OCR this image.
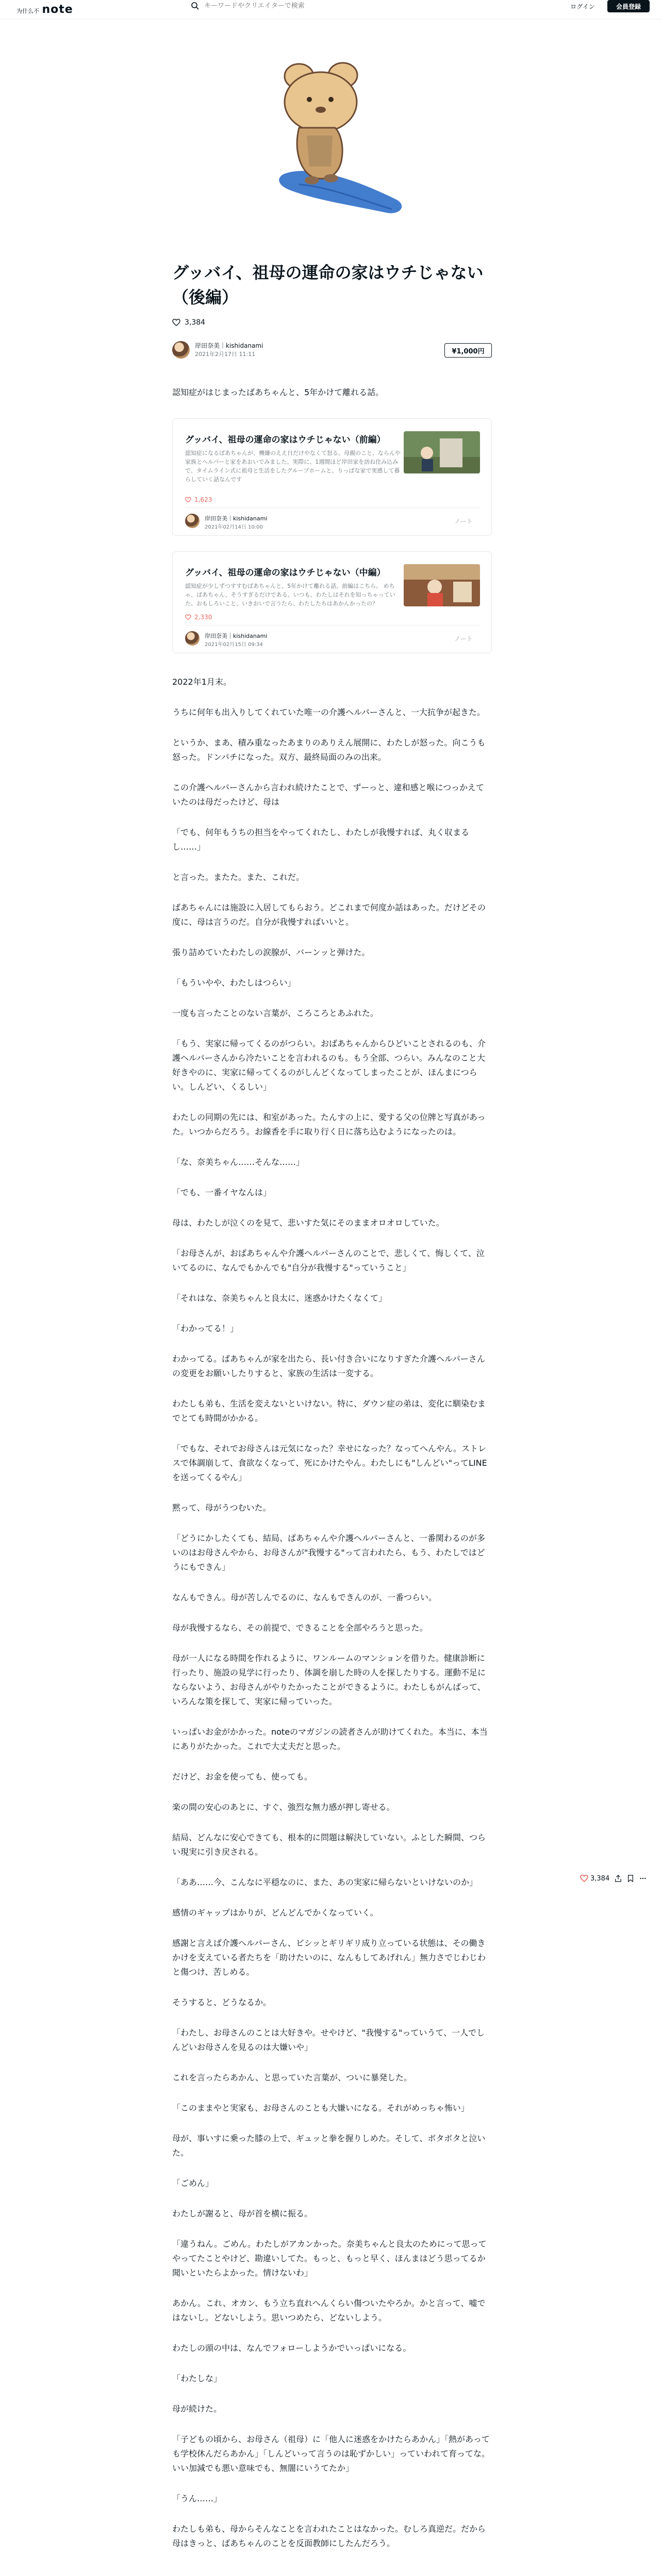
为什么不 note
キーワードやクリエイターで検索	ログイン	会員登録
グッバイ、祖母の運命の家はウチじゃない（後編）
3,384
岸田奈美｜kishidanami
2021年2月17日 11:11	¥1,000円

認知症がはじまったばあちゃんと、5年かけて離れる話。

グッバイ、祖母の運命の家はウチじゃない（前編）
認知症になるばあちゃんが、機嫌のええ日だけやなくて怒る。母親のこと、ならんや家族とヘルパーと家をあおいでみました。実際に、1週間ほど岸田家を訪ね住み込みで、タイムライン式に祖母と生活をしたグループホームと、りっぱな家で実感して暮らしていく話なんです
1,623
岸田奈美｜kishidanami
2021年02月14日 10:00
ノート
グッバイ、祖母の運命の家はウチじゃない（中編）
認知症が少しずつすすむばあちゃんと、5年かけて離れる話。前編はこちら。 めちゃ、ばあちゃん、そうすぎるだけである。いつも、わたしはそれを知っちゃっていた。おもしろいこと、いきおいで言うたら、わたしたちはあかんかったの？
2,330
岸田奈美｜kishidanami
2021年02月15日 09:34
ノート

2022年1月末。

うちに何年も出入りしてくれていた唯一の介護ヘルパーさんと、一大抗争が起きた。

というか、まあ、積み重なったあまりのありえん展開に、わたしが怒った。向こうも怒った。ドンパチになった。双方、最終局面のみの出来。

この介護ヘルパーさんから言われ続けたことで、ずーっと、違和感と喉につっかえていたのは母だったけど、母は

「でも、何年もうちの担当をやってくれたし、わたしが我慢すれば、丸く収まるし……」

と言った。またた。また、これだ。

ばあちゃんには施設に入居してもらおう。どこれまで何度か話はあった。だけどその度に、母は言うのだ。自分が我慢すればいいと。

張り詰めていたわたしの涙腺が、バーンッと弾けた。

「もういやや、わたしはつらい」

一度も言ったことのない言葉が、ころころとあふれた。

「もう、実家に帰ってくるのがつらい。おばあちゃんからひどいことされるのも、介護ヘルパーさんから冷たいことを言われるのも。もう全部、つらい。みんなのこと大好きやのに、実家に帰ってくるのがしんどくなってしまったことが、ほんまにつらい。しんどい、くるしい」

わたしの同期の先には、和室があった。たんすの上に、愛する父の位牌と写真があった。いつからだろう。お線香を手に取り行く日に落ち込むようになったのは。

「な、奈美ちゃん……そんな……」

「でも、一番イヤなんは」

母は、わたしが泣くのを見て、悲いすた気にそのままオロオロしていた。

「お母さんが、おばあちゃんや介護ヘルパーさんのことで、悲しくて、悔しくて、泣いてるのに、なんでもかんでも"自分が我慢する"っていうこと」

「それはな、奈美ちゃんと良太に、迷惑かけたくなくて」

「わかってる！」

わかってる。ばあちゃんが家を出たら、長い付き合いになりすぎた介護ヘルパーさんの変更をお願いしたりすると、家族の生活は一変する。

わたしも弟も、生活を変えないといけない。特に、ダウン症の弟は、変化に馴染むまでとても時間がかかる。

「でもな、それでお母さんは元気になった？幸せになった？なってへんやん。ストレスで体調崩して、食欲なくなって、死にかけたやん。わたしにも"しんどい"ってLINEを送ってくるやん」

黙って、母がうつむいた。

「どうにかしたくても、結局、ばあちゃんや介護ヘルパーさんと、一番関わるのが多いのはお母さんやから、お母さんが"我慢する"って言われたら、もう、わたしではどうにもできん」

なんもできん。母が苦しんでるのに、なんもできんのが、一番つらい。

母が我慢するなら、その前提で、できることを全部やろうと思った。

母が一人になる時間を作れるように、ワンルームのマンションを借りた。健康診断に行ったり、施設の見学に行ったり、体調を崩した時の人を探したりする。運動不足にならないよう、お母さんがやりたかったことができるように。わたしもがんばって、いろんな策を探して、実家に帰っていった。

いっぱいお金がかかった。noteのマガジンの読者さんが助けてくれた。本当に、本当にありがたかった。これで大丈夫だと思った。

だけど、お金を使っても、使っても。

楽の間の安心のあとに、すぐ、強烈な無力感が押し寄せる。

結局、どんなに安心できても、根本的に問題は解決していない。ふとした瞬間、つらい現実に引き戻される。

「ああ……今、こんなに平穏なのに、また、あの実家に帰らないといけないのか」

感情のギャップはかりが、どんどんでかくなっていく。

感謝と言えば介護ヘルパーさん、ビシッとギリギリ成り立っている状態は、その働きかけを支えている者たちを「助けたいのに、なんもしてあげれん」無力さでじわじわと傷つけ、苦しめる。

そうすると、どうなるか。

「わたし、お母さんのことは大好きや。せやけど、"我慢する"っていうて、一人でしんどいお母さんを見るのは大嫌いや」

これを言ったらあかん、と思っていた言葉が、ついに暴発した。

「このままやと実家も、お母さんのことも大嫌いになる。それがめっちゃ怖い」

母が、事いすに乗った膝の上で、ギュッと拳を握りしめた。そして、ボタボタと泣いた。

「ごめん」

わたしが謝ると、母が首を横に振る。

「違うねん。ごめん。わたしがアカンかった。奈美ちゃんと良太のためにって思ってやってたことやけど、勘違いしてた。もっと、もっと早く、ほんまはどう思ってるか聞いといたらよかった。情けないわ」

あかん。これ、オカン、もう立ち直れへんくらい傷ついたやろか。かと言って、嘘ではないし。どないしよう。思いつめたら、どないしよう。

わたしの頭の中は、なんでフォローしようかでいっぱいになる。

「わたしな」

母が続けた。

「子どもの頃から、お母さん（祖母）に「他人に迷惑をかけたらあかん」「熱があっても学校休んだらあかん」「しんどいって言うのは恥ずかしい」っていわれて育ってな。いい加減でも悪い意味でも、無闇にいうてたか」

「うん……」

わたしも弟も、母からそんなことを言われたことはなかった。むしろ真逆だ。だから母はきっと、ばあちゃんのことを反面教師にしたんだろう。

3,384
